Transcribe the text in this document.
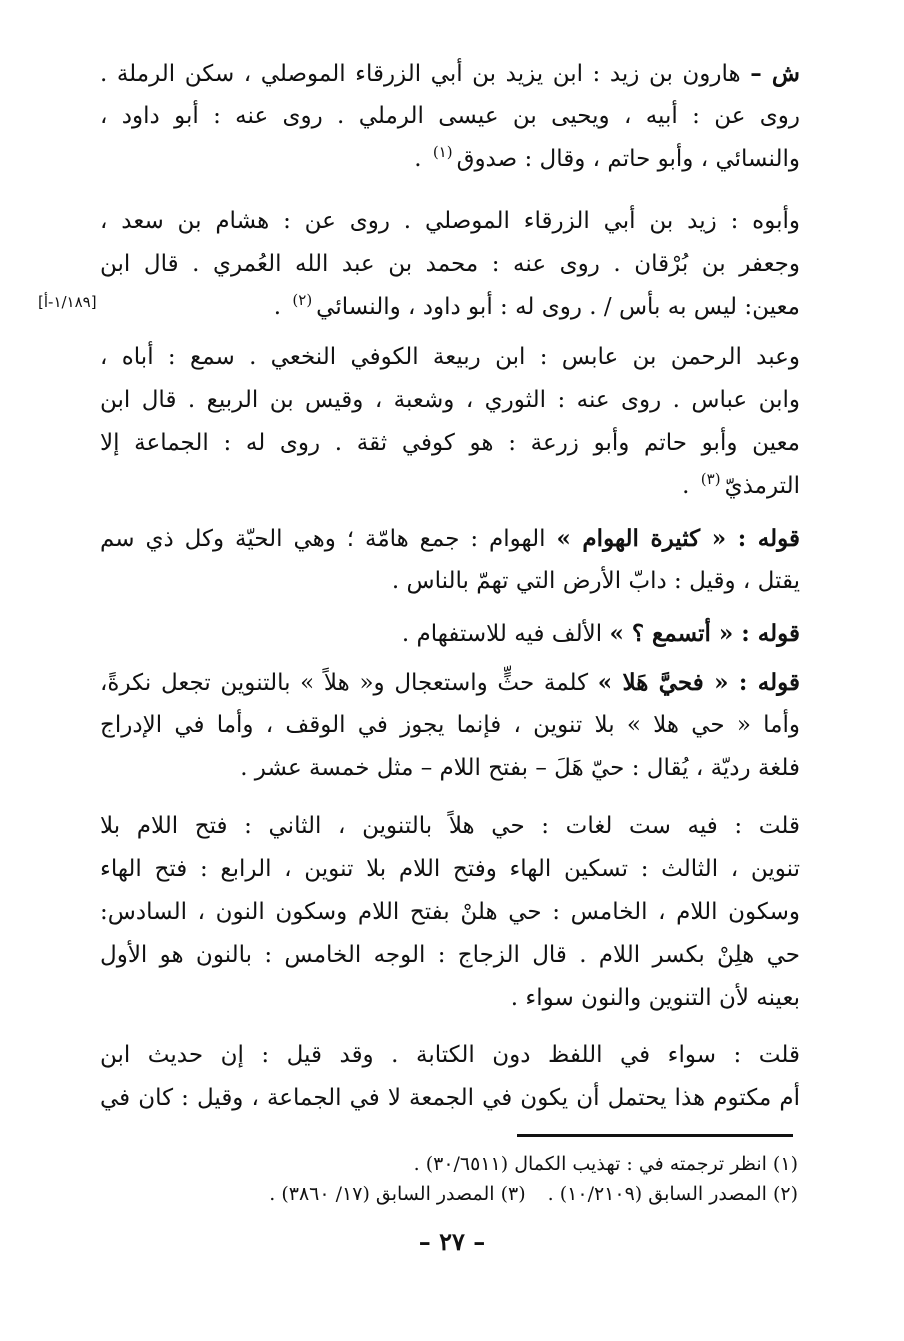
ش – هارون بن زيد : ابن يزيد بن أبي الزرقاء الموصلي ، سكن الرملة .
روى عن : أبيه ، ويحيى بن عيسى الرملي . روى عنه : أبو داود ،
والنسائي ، وأبو حاتم ، وقال : صدوق$^{(١)}$ .
وأبوه : زيد بن أبي الزرقاء الموصلي . روى عن : هشام بن سعد ،
وجعفر بن بُرْقان . روى عنه : محمد بن عبد الله العُمري . قال ابن
معين: ليس به بأس / . روى له : أبو داود ، والنسائي$^{(٢)}$ .
[١/١٨٩-أ]
وعبد الرحمن بن عابس : ابن ربيعة الكوفي النخعي . سمع : أباه ،
وابن عباس . روى عنه : الثوري ، وشعبة ، وقيس بن الربيع . قال ابن
معين وأبو حاتم وأبو زرعة : هو كوفي ثقة . روى له : الجماعة إلا
الترمذيّ$^{(٣)}$ .
قوله : « كثيرة الهوام » الهوام : جمع هامّة ؛ وهي الحيّة وكل ذي سم
يقتل ، وقيل : دابّ الأرض التي تهمّ بالناس .
قوله : « أتسمع ؟ » الألف فيه للاستفهام .
قوله : « فحيَّ هَلا » كلمة حثٍّ واستعجال و« هلاً » بالتنوين تجعل نكرةً،
وأما « حي هلا » بلا تنوين ، فإنما يجوز في الوقف ، وأما في الإدراج
فلغة رديّة ، يُقال : حيّ هَلَ – بفتح اللام – مثل خمسة عشر .
قلت : فيه ست لغات : حي هلاً بالتنوين ، الثاني : فتح اللام بلا
تنوين ، الثالث : تسكين الهاء وفتح اللام بلا تنوين ، الرابع : فتح الهاء
وسكون اللام ، الخامس : حي هلنْ بفتح اللام وسكون النون ، السادس:
حي هلِنْ بكسر اللام . قال الزجاج : الوجه الخامس : بالنون هو الأول
بعينه لأن التنوين والنون سواء .
قلت : سواء في اللفظ دون الكتابة . وقد قيل : إن حديث ابن
أم مكتوم هذا يحتمل أن يكون في الجمعة لا في الجماعة ، وقيل : كان في
(١) انظر ترجمته في : تهذيب الكمال (٣٠/٦٥١١) .
(٢) المصدر السابق (١٠/٢١٠٩) .(٣) المصدر السابق (١٧/ ٣٨٦٠) .
– ٢٧ –
